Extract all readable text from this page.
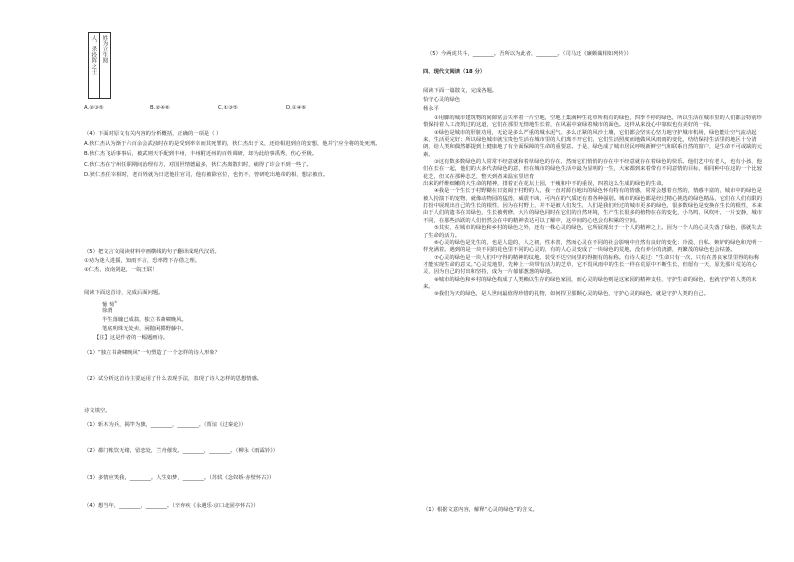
人，杀投阵之士 姓为立生阅
A.②③⑤	B.②④⑥	C.①③⑤	D.①④⑥
（4）下面对原文有关内容的分析概括，正确的一项是（ ）

A.狄仁杰认为渐于六百余会武浊时在的是受到率幸而其死罪的，狄仁杰出于义，还给相进到自的安想，他并宁应全将的处死刑。

B.狄仁杰飞话事事后，被武则天手配到丰州，丰州附近州的百姓调研，却为此给事禹秀，伤心至极。

C.狄仁杰在宁州任职期间治理有方，对国世情德最多，狄仁杰离散归时，痛得了许会不到一些了。

D.狄仁杰任宰相时，老百姓就为日送他往官司，他有被除官位，也仍不，曾研吃出地帝的相，想宗被直。

（5）把文言文阅读材料中画横线的句子翻译成现代汉语。
①劝为迷人进援，知雨不言，恐率陛下存借之理。
②仁杰，汝南剑赵，一皖王联！
阅读下面这首诗，完成后面问题。
葡 萄①
徐渭
半生落魄已成翁，独立书斋啸晚风。
笔底明珠无处卖，闲抛闲掷野藤中。
【注】这是作者的一幅题画诗。
（1）“独立书斋啸晚风”一句塑造了一个怎样的诗人形象？
（2）试分析这首诗主要运用了什么表现手法，表现了诗人怎样的思想情感。
诗文填空。
（1）斩木为兵，揭竿为旗，________，________。（贾谊《过秦论》）
（2）都门帐饮无绪，留恋处，兰舟催发。________，________。（柳永《雨霖铃》）
（3）多情应笑我，________。人生如梦，________。（苏轼《念奴娇·赤壁怀古》）
（4）想当年，________，________。（辛弃疾《永遇乐·京口北固亭怀古》）
（5）今两虎共斗，________。吾所以为此者，________。（司马迁《廉颇蔺相如列传》）
四、现代文阅读（18 分）
阅读下面一篇散文，完成各题。
恰守心灵的绿色
杨永平

①用脚的城市建筑物的间隙常会失率着一片空地，空地上集满种生花草所构有的绿色，四季不停的绿色，所以生活在城市里的人们都会特别珍惜保持着人工浇筑过的这道，它们在那里无情地生长着，在风霜中衰绿着城市的面色。这样从来没心中寡似也有美好的一抹。

②绿色是城市的肝脏功用，无论是多么严重的城水泥气、多么正紧的风沙土壤，它们都会坚实心坚力地守护城市机场，绿色能让空气流动起来，生活更完好；所以绿色城市就宝贵色生活在城市里的人们离不开它们，它们生活照度而地做风风雨雨的变化，结结保持生活里的地区十分清朗，给人类和偶然都提到上健康地了有全面保障的生命的重要意。于是，绿色成了城市居民呼吸新鲜空气和联系自然的窗户，是生命不可或缺的元素。

③这有数多数绿色的人常常不经意就和着草绿色的存在，然而它们悄悄的存在中不经意就存在着绿色的快乐。他们艺中有老人，也有小孩，他们在长在一起，他们的大多代表绿色的意，但在城市的绿色生活中最为显明的一生，大家都到来着带有不同意情的目标，相同种中在这的一个比较花芝，但又在那种态芝，整天到者来温室里培育

出来的纤维细嫩的大生命的精神，排着正在花坛上园，干瘦和中不的重误，四着这么生成的绿色的生命。

④我是一个生长于村野糊在日宽阔于村野的人，我一直对源自地出的绿色怀有特有的情感，常常会想着自然的，情感丰富的，城市中的绿色是被人扮演下的宠物，就像动物园的猛兽，威震不凶，可内在的气质还有着各种强别。城市的绿色都是经过精心挑选的绿色精品，它们在人们有限的打扮中展现出自己的生长的根性，因为在村野上，并不是被人们发生，人们是我们经过的城市更多的绿色，很多数绿色是变换在生长的根性，本来由于人们的遗书在其绿色，生长被剪修，大片的绿色同时在它们的自然环境，生产生长很多的植物在在的变化，小鸟鸣，风吹叶，一片安静，城市不同，在那些活跃的人们仍然会在中的精神表达可以了解中，这中间的心也会有积累的空间。

⑤其实，在城市的绿色和乡村的绿色之外，还有一株心灵的绿色，它所展现出于一个人的精神之上。因为一个人的心灵失落了绿色，那就失去了生命的活力。

⑥心灵的绿色是先生的，也是人造的，人之初，性本善，然而心灵在不同的社会影响中自然有良好的变化：冷漠、自私、嫉妒的绿色和光明一样充满着。遇到的是一块不同的花色里不同的心灵的，有的人心灵变成了一块绿色的荒地，没有养分的浇灌，再繁茂的绿色也会枯萎。

⑦心灵的绿色是一块人们中守得的精神的坟地，装受不达空间里的得拥有的标称。有诗人说过：“生命只有一次，只有在善良家里里得的标称才能实现生命的意义。”心灵荒地里，先种上一块带有活力的芝草，它不畏风雨中的生长一样在荒原中不断生长，但愿有一天，原先那片荒芜的心灵，因为自己的付出和坚持，成为一片郁郁葱葱的绿地。

⑧城市的绿色和乡村的绿色构成了人类赖以生存的绿色家园，而心灵的绿色则是这家园的精神支柱，守护生命的绿色，也就守护着人类的未来。

⑨我们为天的绿色，是人世间最值得珍惜的礼物，如何捍卫那颗心灵的绿色，守护心灵的绿色，就是守护人类的自己。

（1）根据文意内容，解释“心灵的绿色”的含义。
